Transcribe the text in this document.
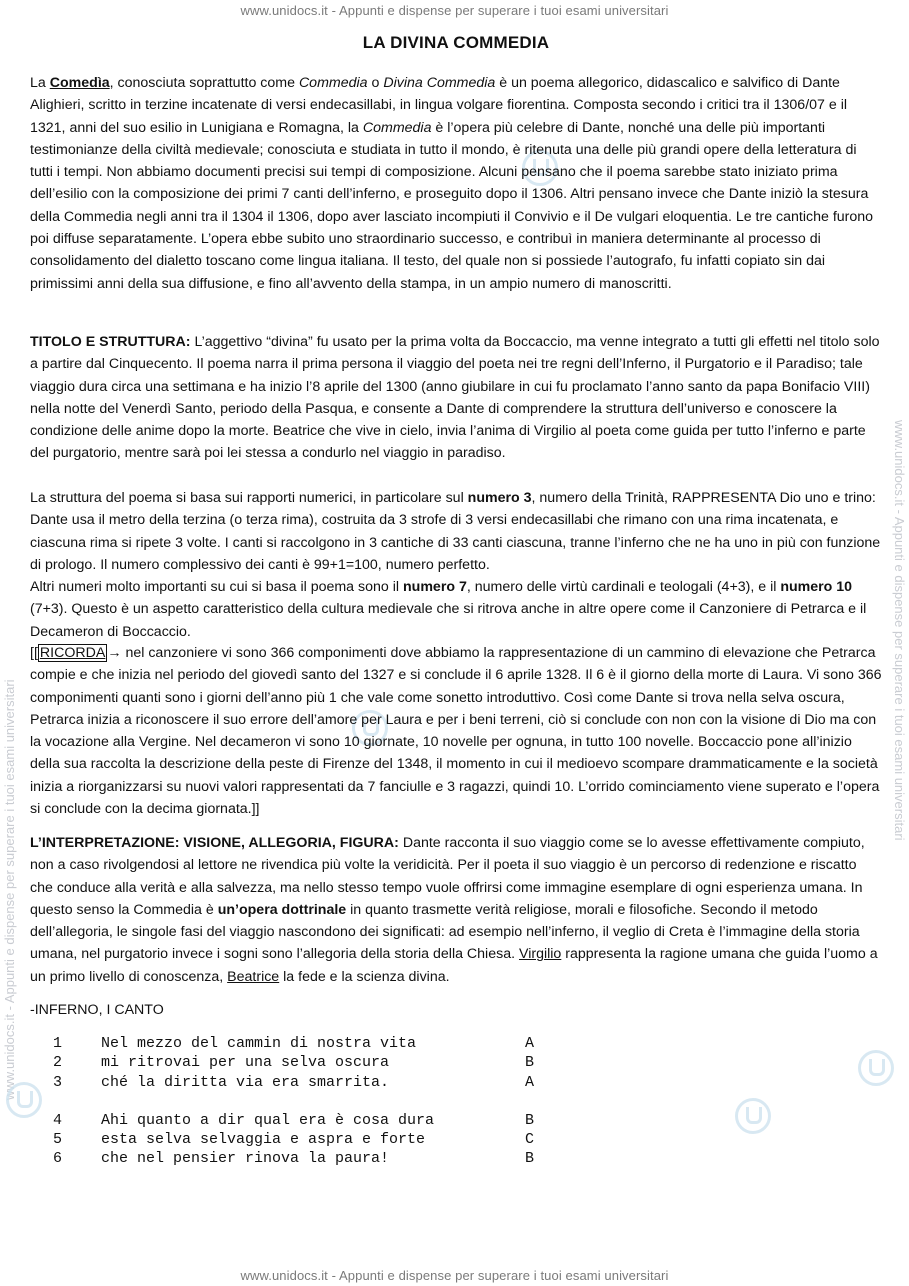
www.unidocs.it - Appunti e dispense per superare i tuoi esami universitari
www.unidocs.it - Appunti e dispense per superare i tuoi esami universitari
www.unidocs.it - Appunti e dispense per superare i tuoi esami universitari
LA DIVINA COMMEDIA

La Comedìa, conosciuta soprattutto come Commedia o Divina Commedia è un poema allegorico, didascalico e salvifico di Dante Alighieri, scritto in terzine incatenate di versi endecasillabi, in lingua volgare fiorentina. Composta secondo i critici tra il 1306/07 e il 1321, anni del suo esilio in Lunigiana e Romagna, la Commedia è l’opera più celebre di Dante, nonché una delle più importanti testimonianze della civiltà medievale; conosciuta e studiata in tutto il mondo, è ritenuta una delle più grandi opere della letteratura di tutti i tempi. Non abbiamo documenti precisi sui tempi di composizione. Alcuni pensano che il poema sarebbe stato iniziato prima dell’esilio con la composizione dei primi 7 canti dell’inferno, e proseguito dopo il 1306. Altri pensano invece che Dante iniziò la stesura della Commedia negli anni tra il 1304 il 1306, dopo aver lasciato incompiuti il Convivio e il De vulgari eloquentia. Le tre cantiche furono poi diffuse separatamente. L’opera ebbe subito uno straordinario successo, e contribuì in maniera determinante al processo di consolidamento del dialetto toscano come lingua italiana. Il testo, del quale non si possiede l’autografo, fu infatti copiato sin dai primissimi anni della sua diffusione, e fino all’avvento della stampa, in un ampio numero di manoscritti.

TITOLO E STRUTTURA: L’aggettivo “divina” fu usato per la prima volta da Boccaccio, ma venne integrato a tutti gli effetti nel titolo solo a partire dal Cinquecento. Il poema narra il prima persona il viaggio del poeta nei tre regni dell’Inferno, il Purgatorio e il Paradiso; tale viaggio dura circa una settimana e ha inizio l’8 aprile del 1300 (anno giubilare in cui fu proclamato l’anno santo da papa Bonifacio VIII) nella notte del Venerdì Santo, periodo della Pasqua, e consente a Dante di comprendere la struttura dell’universo e conoscere la condizione delle anime dopo la morte. Beatrice che vive in cielo, invia l’anima di Virgilio al poeta come guida per tutto l’inferno e parte del purgatorio, mentre sarà poi lei stessa a condurlo nel viaggio in paradiso.

La struttura del poema si basa sui rapporti numerici, in particolare sul numero 3, numero della Trinità, RAPPRESENTA Dio uno e trino: Dante usa il metro della terzina (o terza rima), costruita da 3 strofe di 3 versi endecasillabi che rimano con una rima incatenata, e ciascuna rima si ripete 3 volte. I canti si raccolgono in 3 cantiche di 33 canti ciascuna, tranne l’inferno che ne ha uno in più con funzione di prologo. Il numero complessivo dei canti è 99+1=100, numero perfetto.

Altri numeri molto importanti su cui si basa il poema sono il numero 7, numero delle virtù cardinali e teologali (4+3), e il numero 10 (7+3). Questo è un aspetto caratteristico della cultura medievale che si ritrova anche in altre opere come il Canzoniere di Petrarca e il Decameron di Boccaccio.

[[ RICORDA → nel canzoniere vi sono 366 componimenti dove abbiamo la rappresentazione di un cammino di elevazione che Petrarca compie e che inizia nel periodo del giovedì santo del 1327 e si conclude il 6 aprile 1328. Il 6 è il giorno della morte di Laura. Vi sono 366 componimenti quanti sono i giorni dell’anno più 1 che vale come sonetto introduttivo. Così come Dante si trova nella selva oscura, Petrarca inizia a riconoscere il suo errore dell’amore per Laura e per i beni terreni, ciò si conclude con non con la visione di Dio ma con la vocazione alla Vergine. Nel decameron vi sono 10 giornate, 10 novelle per ognuna, in tutto 100 novelle. Boccaccio pone all’inizio della sua raccolta la descrizione della peste di Firenze del 1348, il momento in cui il medioevo scompare drammaticamente e la società inizia a riorganizzarsi su nuovi valori rappresentati da 7 fanciulle e 3 ragazzi, quindi 10. L’orrido cominciamento viene superato e l’opera si conclude con la decima giornata.]]

L’INTERPRETAZIONE: VISIONE, ALLEGORIA, FIGURA: Dante racconta il suo viaggio come se lo avesse effettivamente compiuto, non a caso rivolgendosi al lettore ne rivendica più volte la veridicità. Per il poeta il suo viaggio è un percorso di redenzione e riscatto che conduce alla verità e alla salvezza, ma nello stesso tempo vuole offrirsi come immagine esemplare di ogni esperienza umana. In questo senso la Commedia è un’opera dottrinale in quanto trasmette verità religiose, morali e filosofiche. Secondo il metodo dell’allegoria, le singole fasi del viaggio nascondono dei significati: ad esempio nell’inferno, il veglio di Creta è l’immagine della storia umana, nel purgatorio invece i sogni sono l’allegoria della storia della Chiesa. Virgilio rappresenta la ragione umana che guida l’uomo a un primo livello di conoscenza, Beatrice la fede e la scienza divina.

-INFERNO, I CANTO

1	Nel mezzo del cammin di nostra vita	A
2	mi ritrovai per una selva oscura	B
3	ché la diritta via era smarrita.	A
4	Ahi quanto a dir qual era è cosa dura	B
5	esta selva selvaggia e aspra e forte	C
6	che nel pensier rinova la paura!	B
www.unidocs.it - Appunti e dispense per superare i tuoi esami universitari
